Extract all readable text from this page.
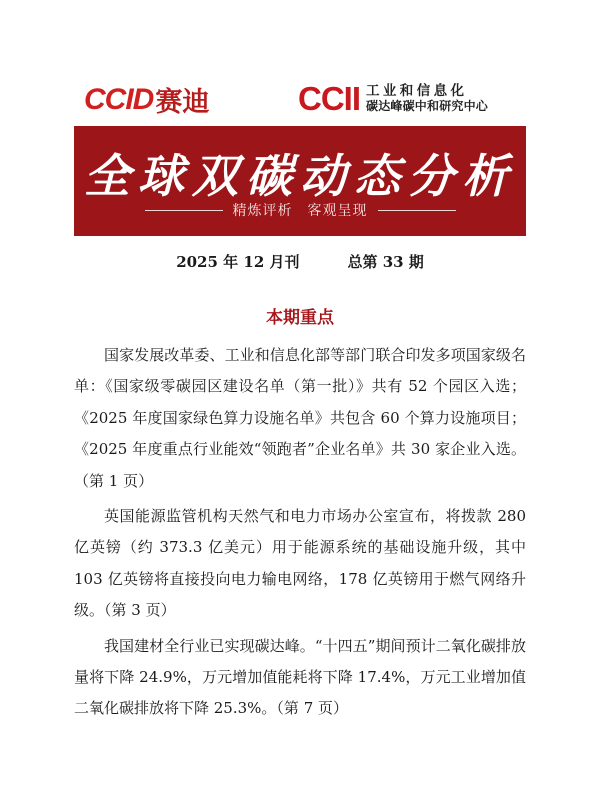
CCID 赛迪	CCII 工业和信息化
碳达峰碳中和研究中心
全球双碳动态分析
精炼评析　客观呈现
2025 年 12 月刊	总第 33 期
本期重点

国家发展改革委、工业和信息化部等部门联合印发多项国家级名单：《国家级零碳园区建设名单（第一批）》共有 52 个园区入选；《2025 年度国家绿色算力设施名单》共包含 60 个算力设施项目；《2025 年度重点行业能效“领跑者”企业名单》共 30 家企业入选。（第 1 页）

英国能源监管机构天然气和电力市场办公室宣布，将拨款 280 亿英镑（约 373.3 亿美元）用于能源系统的基础设施升级，其中 103 亿英镑将直接投向电力输电网络，178 亿英镑用于燃气网络升级。（第 3 页）

我国建材全行业已实现碳达峰。“十四五”期间预计二氧化碳排放量将下降 24.9%，万元增加值能耗将下降 17.4%，万元工业增加值二氧化碳排放将下降 25.3%。（第 7 页）
